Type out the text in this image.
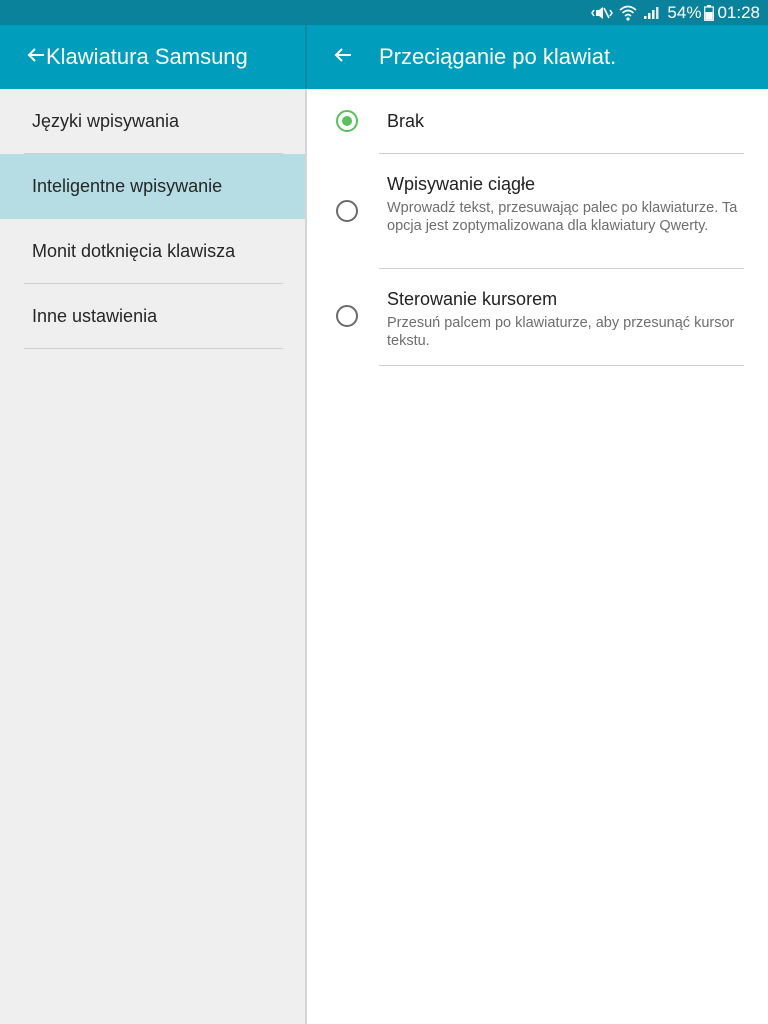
54% 01:28
Klawiatura Samsung
Języki wpisywania
Inteligentne wpisywanie
Monit dotknięcia klawisza
Inne ustawienia
Przeciąganie po klawiat.
Brak
Wpisywanie ciągłe
Wprowadź tekst, przesuwając palec po klawiaturze. Ta opcja jest zoptymalizowana dla klawiatury Qwerty.
Sterowanie kursorem
Przesuń palcem po klawiaturze, aby przesunąć kursor tekstu.
